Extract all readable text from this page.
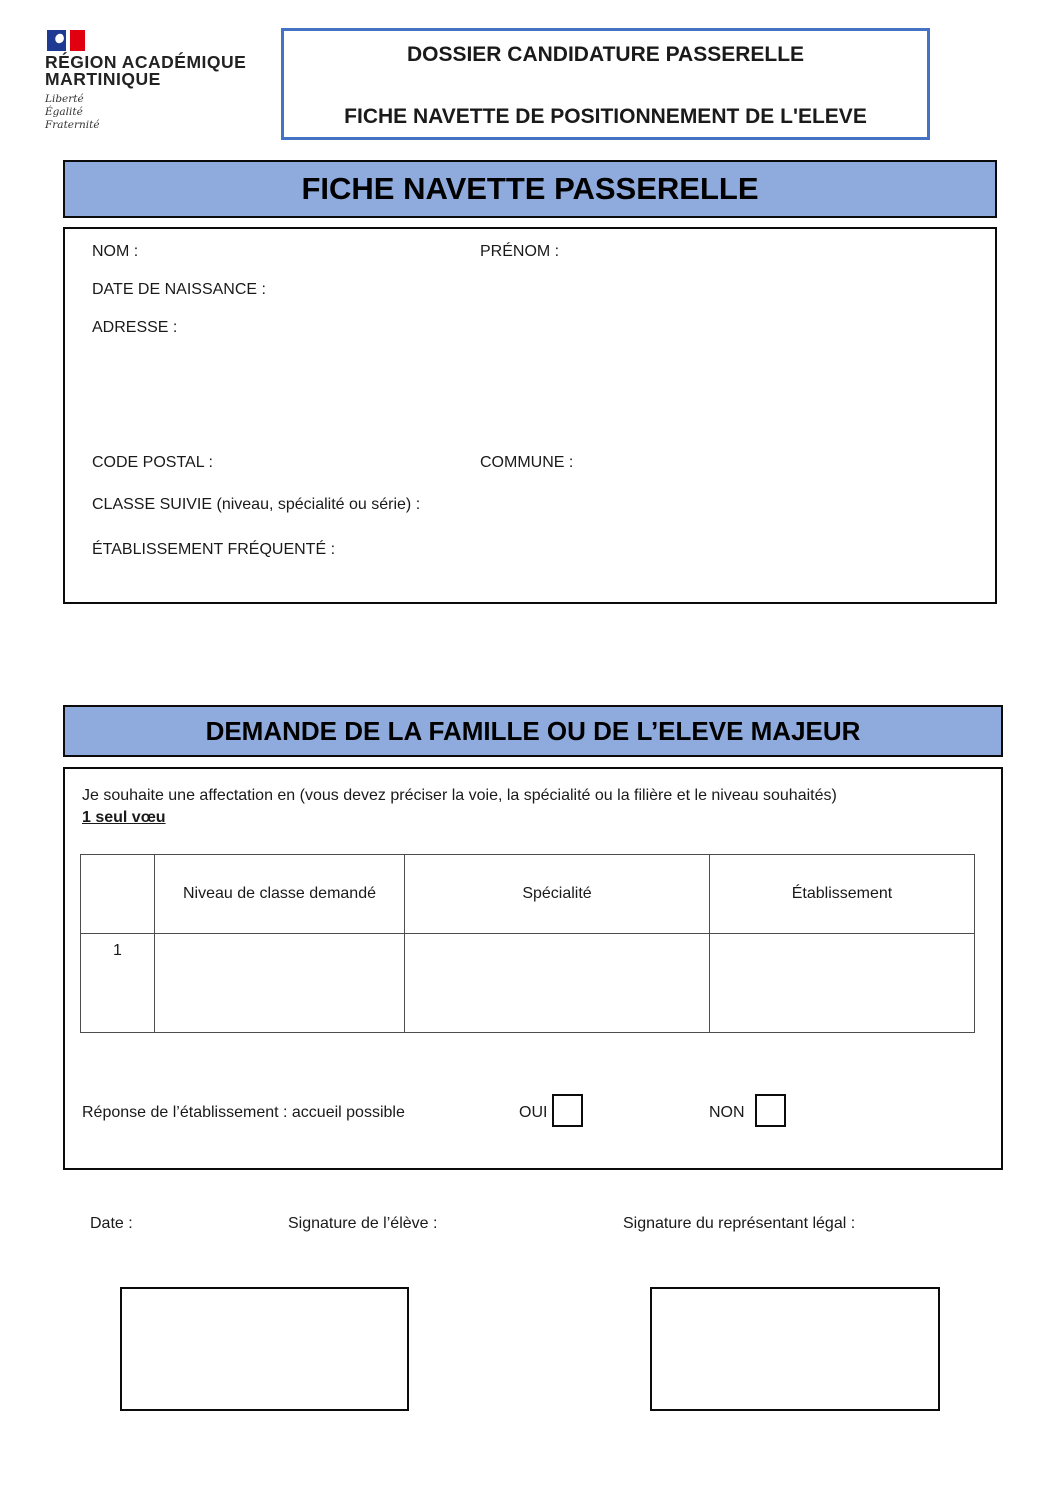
RÉGION ACADÉMIQUE
MARTINIQUE
Liberté
Égalité
Fraternité
DOSSIER CANDIDATURE PASSERELLE
FICHE NAVETTE DE POSITIONNEMENT DE L'ELEVE
FICHE NAVETTE PASSERELLE
NOM :	PRÉNOM :
DATE DE NAISSANCE :
ADRESSE :
CODE POSTAL :	COMMUNE :
CLASSE SUIVIE (niveau, spécialité ou série) :
ÉTABLISSEMENT FRÉQUENTÉ :
DEMANDE DE LA FAMILLE OU DE L’ELEVE MAJEUR
Je souhaite une affectation en (vous devez préciser la voie, la spécialité ou la filière et le niveau souhaités)
1 seul vœu
	Niveau de classe demandé	Spécialité	Établissement
1			
Réponse de l’établissement : accueil possible	OUI	NON
Date :	Signature de l’élève :	Signature du représentant légal :
